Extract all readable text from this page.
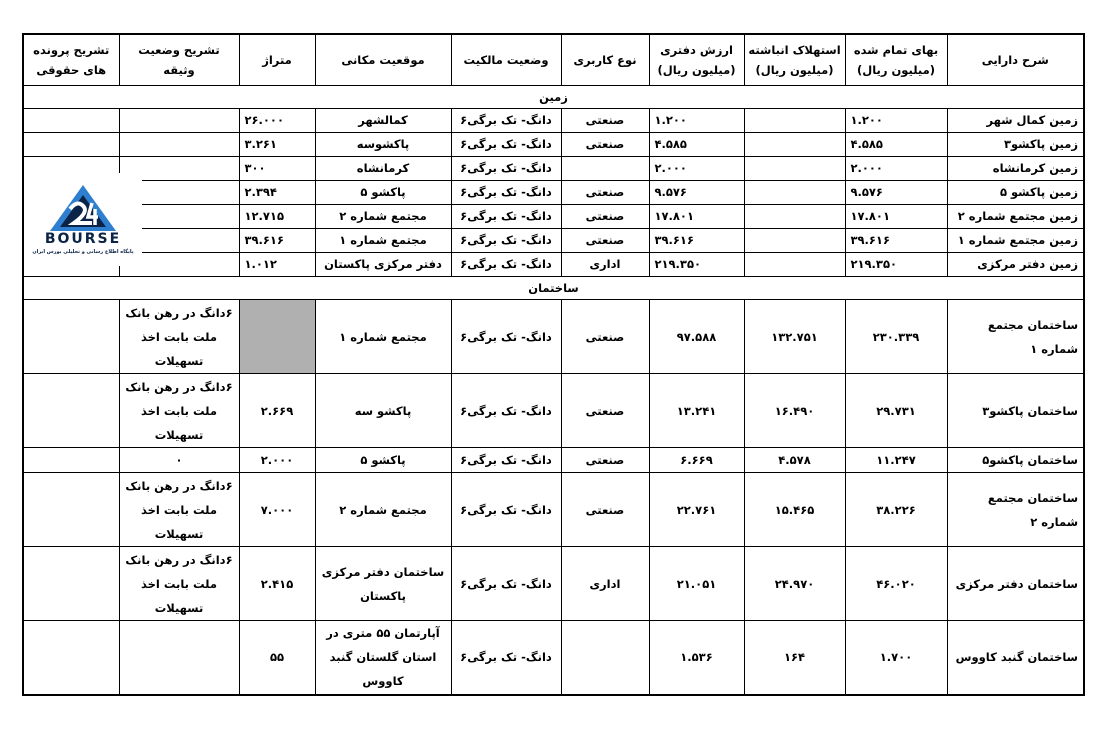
تشریح پرونده
های حقوقی	تشریح وضعیت وثیقه	متراژ	موقعیت مکانی	وضعیت مالکیت	نوع کاربری	ارزش دفتری
(میلیون ریال)	استهلاک انباشته
(میلیون ریال)	بهای تمام شده
(میلیون ریال)	شرح دارایی
زمین									
		۲۶.۰۰۰	کمالشهر	۶دانگ- تک برگی	صنعتی	۱.۲۰۰		۱.۲۰۰	زمین کمال شهر
		۳.۲۶۱	پاکشوسه	۶دانگ- تک برگی	صنعتی	۴.۵۸۵		۴.۵۸۵	زمین پاکشو۳
		۳۰۰	کرمانشاه	۶دانگ- تک برگی		۲.۰۰۰		۲.۰۰۰	زمین کرمانشاه
		۲.۳۹۴	پاکشو ۵	۶دانگ- تک برگی	صنعتی	۹.۵۷۶		۹.۵۷۶	زمین پاکشو ۵
		۱۲.۷۱۵	مجتمع شماره ۲	۶دانگ- تک برگی	صنعتی	۱۷.۸۰۱		۱۷.۸۰۱	زمین مجتمع شماره ۲
		۳۹.۶۱۶	مجتمع شماره ۱	۶دانگ- تک برگی	صنعتی	۳۹.۶۱۶		۳۹.۶۱۶	زمین مجتمع شماره ۱
		۱.۰۱۲	دفتر مرکزی پاکستان	۶دانگ- تک برگی	اداری	۲۱۹.۳۵۰		۲۱۹.۳۵۰	زمین دفتر مرکزی
ساختمان									

	۶دانگ در رهن بانک
ملت بابت اخذ
تسهیلات		مجتمع شماره ۱	۶دانگ- تک برگی	صنعتی	۹۷.۵۸۸	۱۳۲.۷۵۱	۲۳۰.۳۳۹	ساختمان مجتمع شماره ۱

	۶دانگ در رهن بانک
ملت بابت اخذ
تسهیلات	۲.۶۶۹	پاکشو سه	۶دانگ- تک برگی	صنعتی	۱۳.۲۴۱	۱۶.۴۹۰	۲۹.۷۳۱	ساختمان پاکشو۳

	۰	۲.۰۰۰	پاکشو ۵	۶دانگ- تک برگی	صنعتی	۶.۶۶۹	۴.۵۷۸	۱۱.۲۴۷	ساختمان پاکشو۵

	۶دانگ در رهن بانک
ملت بابت اخذ
تسهیلات	۷.۰۰۰	مجتمع شماره ۲	۶دانگ- تک برگی	صنعتی	۲۲.۷۶۱	۱۵.۴۶۵	۳۸.۲۲۶	ساختمان مجتمع شماره ۲

	۶دانگ در رهن بانک
ملت بابت اخذ
تسهیلات	۲.۴۱۵	ساختمان دفتر مرکزی
پاکستان	۶دانگ- تک برگی	اداری	۲۱.۰۵۱	۲۴.۹۷۰	۴۶.۰۲۰	ساختمان دفتر مرکزی
		۵۵	آپارتمان ۵۵ متری در
استان گلستان گنبد
کاووس	۶دانگ- تک برگی		۱.۵۳۶	۱۶۴	۱.۷۰۰	ساختمان گنبد کاووس
BOURSE
پایگاه اطلاع رسانی و تحلیلی بورس ایران
